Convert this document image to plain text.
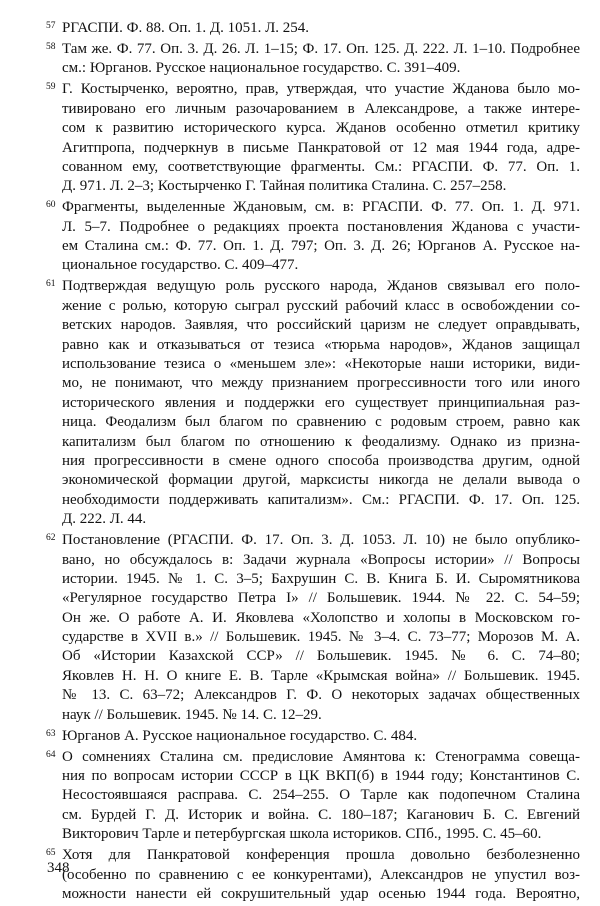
57 РГАСПИ. Ф. 88. Оп. 1. Д. 1051. Л. 254.
58 Там же. Ф. 77. Оп. 3. Д. 26. Л. 1–15; Ф. 17. Оп. 125. Д. 222. Л. 1–10. Подробнее
см.: Юрганов. Русское национальное государство. С. 391–409.
59 Г. Костырченко, вероятно, прав, утверждая, что участие Жданова было мо-
тивировано его личным разочарованием в Александрове, а также интере-
сом к развитию исторического курса. Жданов особенно отметил критику
Агитпропа, подчеркнув в письме Панкратовой от 12 мая 1944 года, адре-
сованном ему, соответствующие фрагменты. См.: РГАСПИ. Ф. 77. Оп. 1.
Д. 971. Л. 2–3; Костырченко Г. Тайная политика Сталина. С. 257–258.
60 Фрагменты, выделенные Ждановым, см. в: РГАСПИ. Ф. 77. Оп. 1. Д. 971.
Л. 5–7. Подробнее о редакциях проекта постановления Жданова с участи-
ем Сталина см.: Ф. 77. Оп. 1. Д. 797; Оп. 3. Д. 26; Юрганов А. Русское на-
циональное государство. С. 409–477.
61 Подтверждая ведущую роль русского народа, Жданов связывал его поло-
жение с ролью, которую сыграл русский рабочий класс в освобождении со-
ветских народов. Заявляя, что российский царизм не следует оправдывать,
равно как и отказываться от тезиса «тюрьма народов», Жданов защищал
использование тезиса о «меньшем зле»: «Некоторые наши историки, види-
мо, не понимают, что между признанием прогрессивности того или иного
исторического явления и поддержки его существует принципиальная раз-
ница. Феодализм был благом по сравнению с родовым строем, равно как
капитализм был благом по отношению к феодализму. Однако из призна-
ния прогрессивности в смене одного способа производства другим, одной
экономической формации другой, марксисты никогда не делали вывода о
необходимости поддерживать капитализм». См.: РГАСПИ. Ф. 17. Оп. 125.
Д. 222. Л. 44.
62 Постановление (РГАСПИ. Ф. 17. Оп. 3. Д. 1053. Л. 10) не было опублико-
вано, но обсуждалось в: Задачи журнала «Вопросы истории» // Вопросы
истории. 1945. № 1. С. 3–5; Бахрушин С. В. Книга Б. И. Сыромятникова
«Регулярное государство Петра I» // Большевик. 1944. № 22. С. 54–59;
Он же. О работе А. И. Яковлева «Холопство и холопы в Московском го-
сударстве в XVII в.» // Большевик. 1945. № 3–4. С. 73–77; Морозов М. А.
Об «Истории Казахской ССР» // Большевик. 1945. № 6. С. 74–80;
Яковлев Н. Н. О книге Е. В. Тарле «Крымская война» // Большевик. 1945.
№ 13. С. 63–72; Александров Г. Ф. О некоторых задачах общественных
наук // Большевик. 1945. № 14. С. 12–29.
63 Юрганов А. Русское национальное государство. С. 484.
64 О сомнениях Сталина см. предисловие Амянтова к: Стенограмма совеща-
ния по вопросам истории СССР в ЦК ВКП(б) в 1944 году; Константинов С.
Несостоявшаяся расправа. С. 254–255. О Тарле как подопечном Сталина
см. Бурдей Г. Д. Историк и война. С. 180–187; Каганович Б. С. Евгений
Викторович Тарле и петербургская школа историков. СПб., 1995. С. 45–60.
65 Хотя для Панкратовой конференция прошла довольно безболезненно
(особенно по сравнению с ее конкурентами), Александров не упустил воз-
можности нанести ей сокрушительный удар осенью 1944 года. Вероятно,
348
